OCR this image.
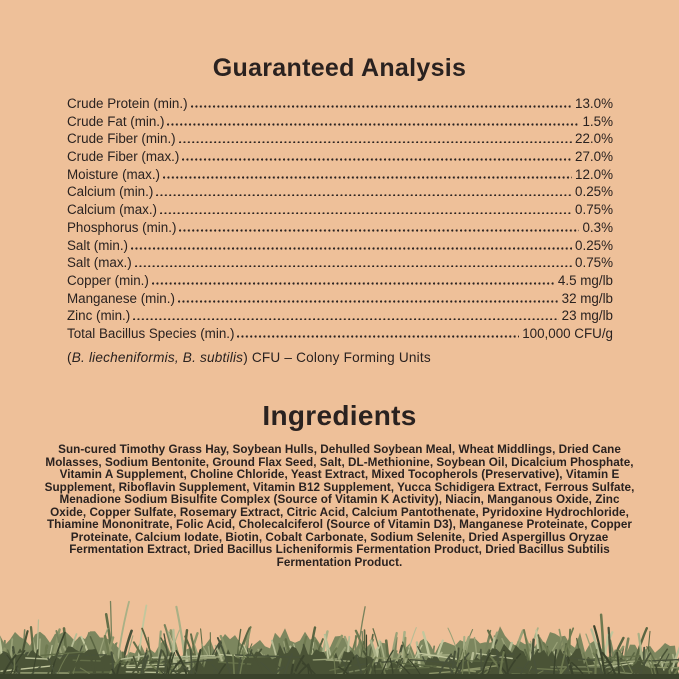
Guaranteed Analysis
Crude Protein (min.)	13.0%
Crude Fat (min.)	1.5%
Crude Fiber (min.)	22.0%
Crude Fiber (max.)	27.0%
Moisture (max.)	12.0%
Calcium (min.)	0.25%
Calcium (max.)	0.75%
Phosphorus (min.)	0.3%
Salt (min.)	0.25%
Salt (max.)	0.75%
Copper (min.)	4.5 mg/lb
Manganese (min.)	32 mg/lb
Zinc (min.)	23 mg/lb
Total Bacillus Species (min.)	100,000 CFU/g
(B. liecheniformis, B. subtilis) CFU – Colony Forming Units
Ingredients
Sun-cured Timothy Grass Hay, Soybean Hulls, Dehulled Soybean Meal, Wheat Middlings, Dried Cane Molasses, Sodium Bentonite, Ground Flax Seed, Salt, DL-Methionine, Soybean Oil, Dicalcium Phosphate, Vitamin A Supplement, Choline Chloride, Yeast Extract, Mixed Tocopherols (Preservative), Vitamin E Supplement, Riboflavin Supplement, Vitamin B12 Supplement, Yucca Schidigera Extract, Ferrous Sulfate, Menadione Sodium Bisulfite Complex (Source of Vitamin K Activity), Niacin, Manganous Oxide, Zinc Oxide, Copper Sulfate, Rosemary Extract, Citric Acid, Calcium Pantothenate, Pyridoxine Hydrochloride, Thiamine Mononitrate, Folic Acid, Cholecalciferol (Source of Vitamin D3), Manganese Proteinate, Copper Proteinate, Calcium Iodate, Biotin, Cobalt Carbonate, Sodium Selenite, Dried Aspergillus Oryzae Fermentation Extract, Dried Bacillus Licheniformis Fermentation Product, Dried Bacillus Subtilis Fermentation Product.
